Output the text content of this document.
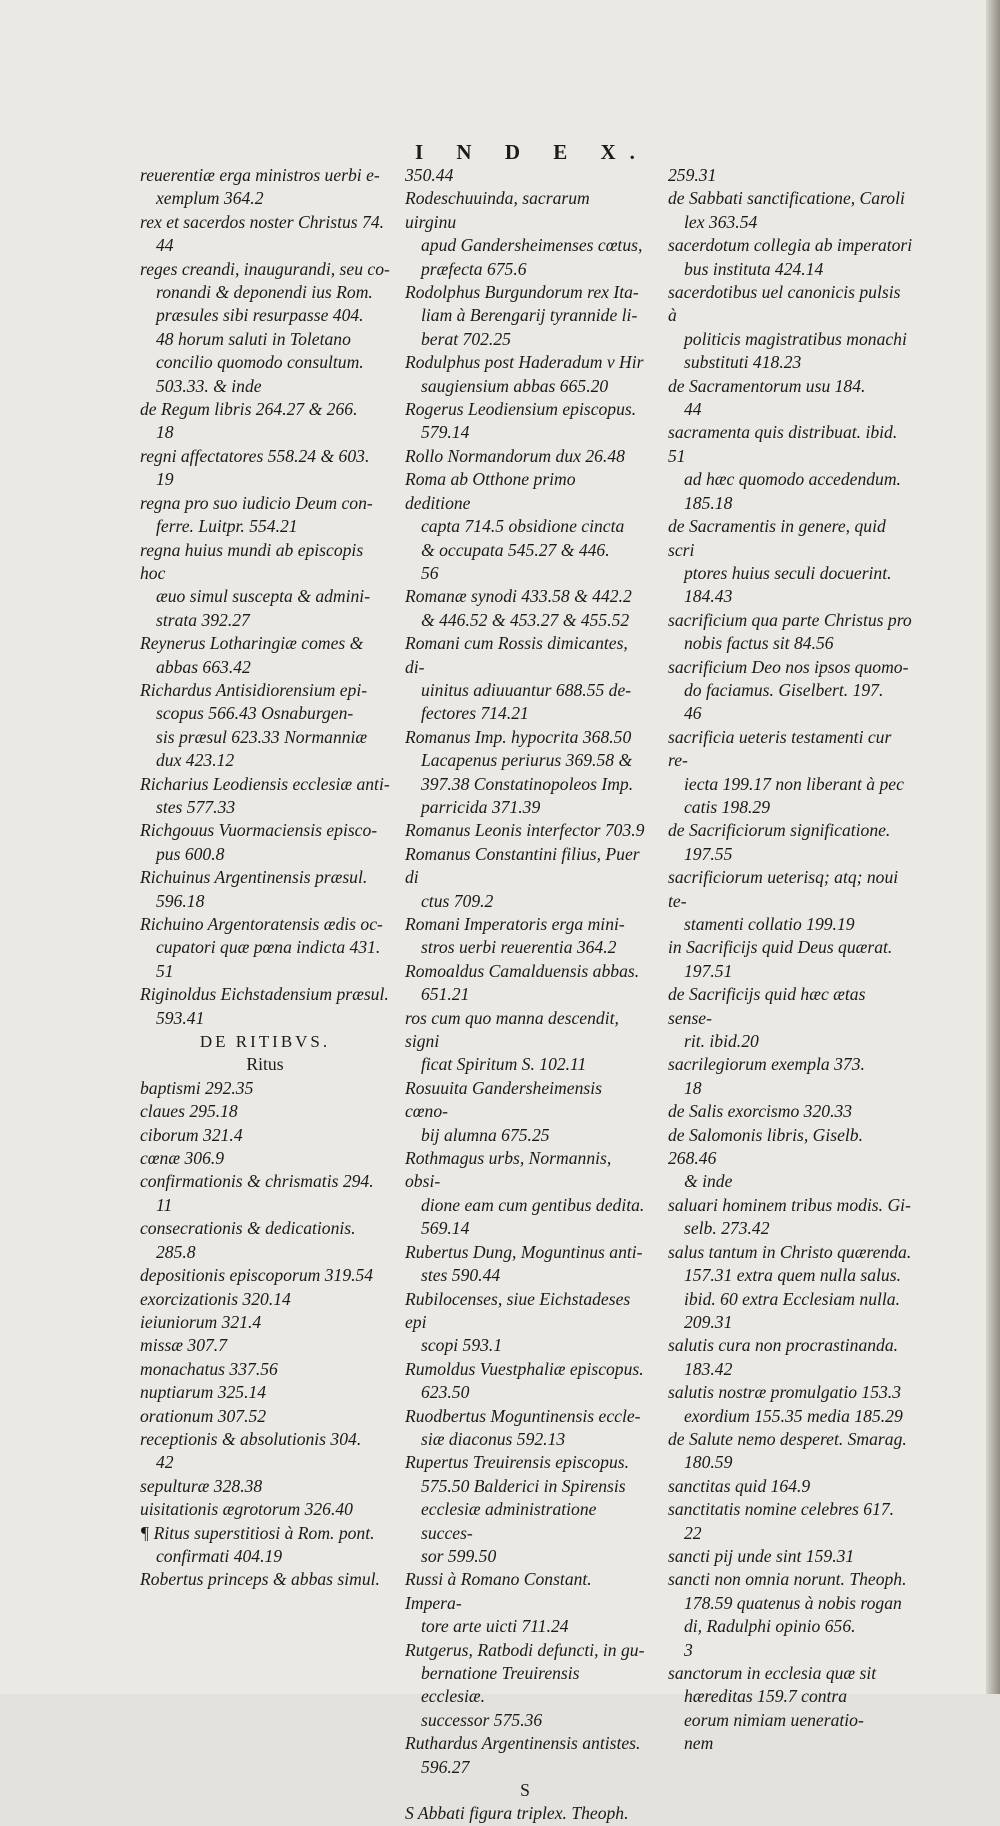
I N D E X.
reuerentiæ erga ministros uerbi e-
xemplum 364.2
rex et sacerdos noster Christus 74.
44
reges creandi, inaugurandi, seu co-
ronandi & deponendi ius Rom.
præsules sibi resurpasse 404.
48 horum saluti in Toletano
concilio quomodo consultum.
503.33. & inde
de Regum libris 264.27 & 266.
18
regni affectatores 558.24 & 603.
19
regna pro suo iudicio Deum con-
ferre. Luitpr. 554.21
regna huius mundi ab episcopis hoc
æuo simul suscepta & admini-
strata 392.27
Reynerus Lotharingiæ comes &
abbas 663.42
Richardus Antisidiorensium epi-
scopus 566.43 Osnaburgen-
sis præsul 623.33 Normanniæ
dux 423.12
Richarius Leodiensis ecclesiæ anti-
stes 577.33
Richgouus Vuormaciensis episco-
pus 600.8
Richuinus Argentinensis præsul.
596.18
Richuino Argentoratensis ædis oc-
cupatori quæ pœna indicta 431.
51
Riginoldus Eichstadensium præsul.
593.41
DE RITIBVS.
Ritus
baptismi 292.35
claues 295.18
ciborum 321.4
cœnæ 306.9
confirmationis & chrismatis 294.
11
consecrationis & dedicationis.
285.8
depositionis episcoporum 319.54
exorcizationis 320.14
ieiuniorum 321.4
missæ 307.7
monachatus 337.56
nuptiarum 325.14
orationum 307.52
receptionis & absolutionis 304.
42
sepulturæ 328.38
uisitationis ægrotorum 326.40
¶ Ritus superstitiosi à Rom. pont.
confirmati 404.19
Robertus princeps & abbas simul.
350.44
Rodeschuuinda, sacrarum uirginu
apud Gandersheimenses cœtus,
præfecta 675.6
Rodolphus Burgundorum rex Ita-
liam à Berengarij tyrannide li-
berat 702.25
Rodulphus post Haderadum v Hir
saugiensium abbas 665.20
Rogerus Leodiensium episcopus.
579.14
Rollo Normandorum dux 26.48
Roma ab Otthone primo deditione
capta 714.5 obsidione cincta
& occupata 545.27 & 446.
56
Romanæ synodi 433.58 & 442.2
& 446.52 & 453.27 & 455.52
Romani cum Rossis dimicantes, di-
uinitus adiuuantur 688.55 de-
fectores 714.21
Romanus Imp. hypocrita 368.50
Lacapenus periurus 369.58 &
397.38 Constatinopoleos Imp.
parricida 371.39
Romanus Leonis interfector 703.9
Romanus Constantini filius, Puer di
ctus 709.2
Romani Imperatoris erga mini-
stros uerbi reuerentia 364.2
Romoaldus Camalduensis abbas.
651.21
ros cum quo manna descendit, signi
ficat Spiritum S. 102.11
Rosuuita Gandersheimensis cœno-
bij alumna 675.25
Rothmagus urbs, Normannis, obsi-
dione eam cum gentibus dedita.
569.14
Rubertus Dung, Moguntinus anti-
stes 590.44
Rubilocenses, siue Eichstadeses epi
scopi 593.1
Rumoldus Vuestphaliæ episcopus.
623.50
Ruodbertus Moguntinensis eccle-
siæ diaconus 592.13
Rupertus Treuirensis episcopus.
575.50 Balderici in Spirensis
ecclesiæ administratione succes-
sor 599.50
Russi à Romano Constant. Impera-
tore arte uicti 711.24
Rutgerus, Ratbodi defuncti, in gu-
bernatione Treuirensis ecclesiæ.
successor 575.36
Ruthardus Argentinensis antistes.
596.27
S
S Abbati figura triplex. Theoph.
259.31
de Sabbati sanctificatione, Caroli
lex 363.54
sacerdotum collegia ab imperatori
bus instituta 424.14
sacerdotibus uel canonicis pulsis à
politicis magistratibus monachi
substituti 418.23
de Sacramentorum usu 184.
44
sacramenta quis distribuat. ibid. 51
ad hæc quomodo accedendum.
185.18
de Sacramentis in genere, quid scri
ptores huius seculi docuerint.
184.43
sacrificium qua parte Christus pro
nobis factus sit 84.56
sacrificium Deo nos ipsos quomo-
do faciamus. Giselbert. 197.
46
sacrificia ueteris testamenti cur re-
iecta 199.17 non liberant à pec
catis 198.29
de Sacrificiorum significatione.
197.55
sacrificiorum ueterisq; atq; noui te-
stamenti collatio 199.19
in Sacrificijs quid Deus quærat.
197.51
de Sacrificijs quid hæc ætas sense-
rit. ibid.20
sacrilegiorum exempla 373.
18
de Salis exorcismo 320.33
de Salomonis libris, Giselb. 268.46
& inde
saluari hominem tribus modis. Gi-
selb. 273.42
salus tantum in Christo quærenda.
157.31 extra quem nulla salus.
ibid. 60 extra Ecclesiam nulla.
209.31
salutis cura non procrastinanda.
183.42
salutis nostræ promulgatio 153.3
exordium 155.35 media 185.29
de Salute nemo desperet. Smarag.
180.59
sanctitas quid 164.9
sanctitatis nomine celebres 617.
22
sancti pij unde sint 159.31
sancti non omnia norunt. Theoph.
178.59 quatenus à nobis rogan
di, Radulphi opinio 656.
3
sanctorum in ecclesia quæ sit
hæreditas 159.7 contra
eorum nimiam ueneratio-
nem
